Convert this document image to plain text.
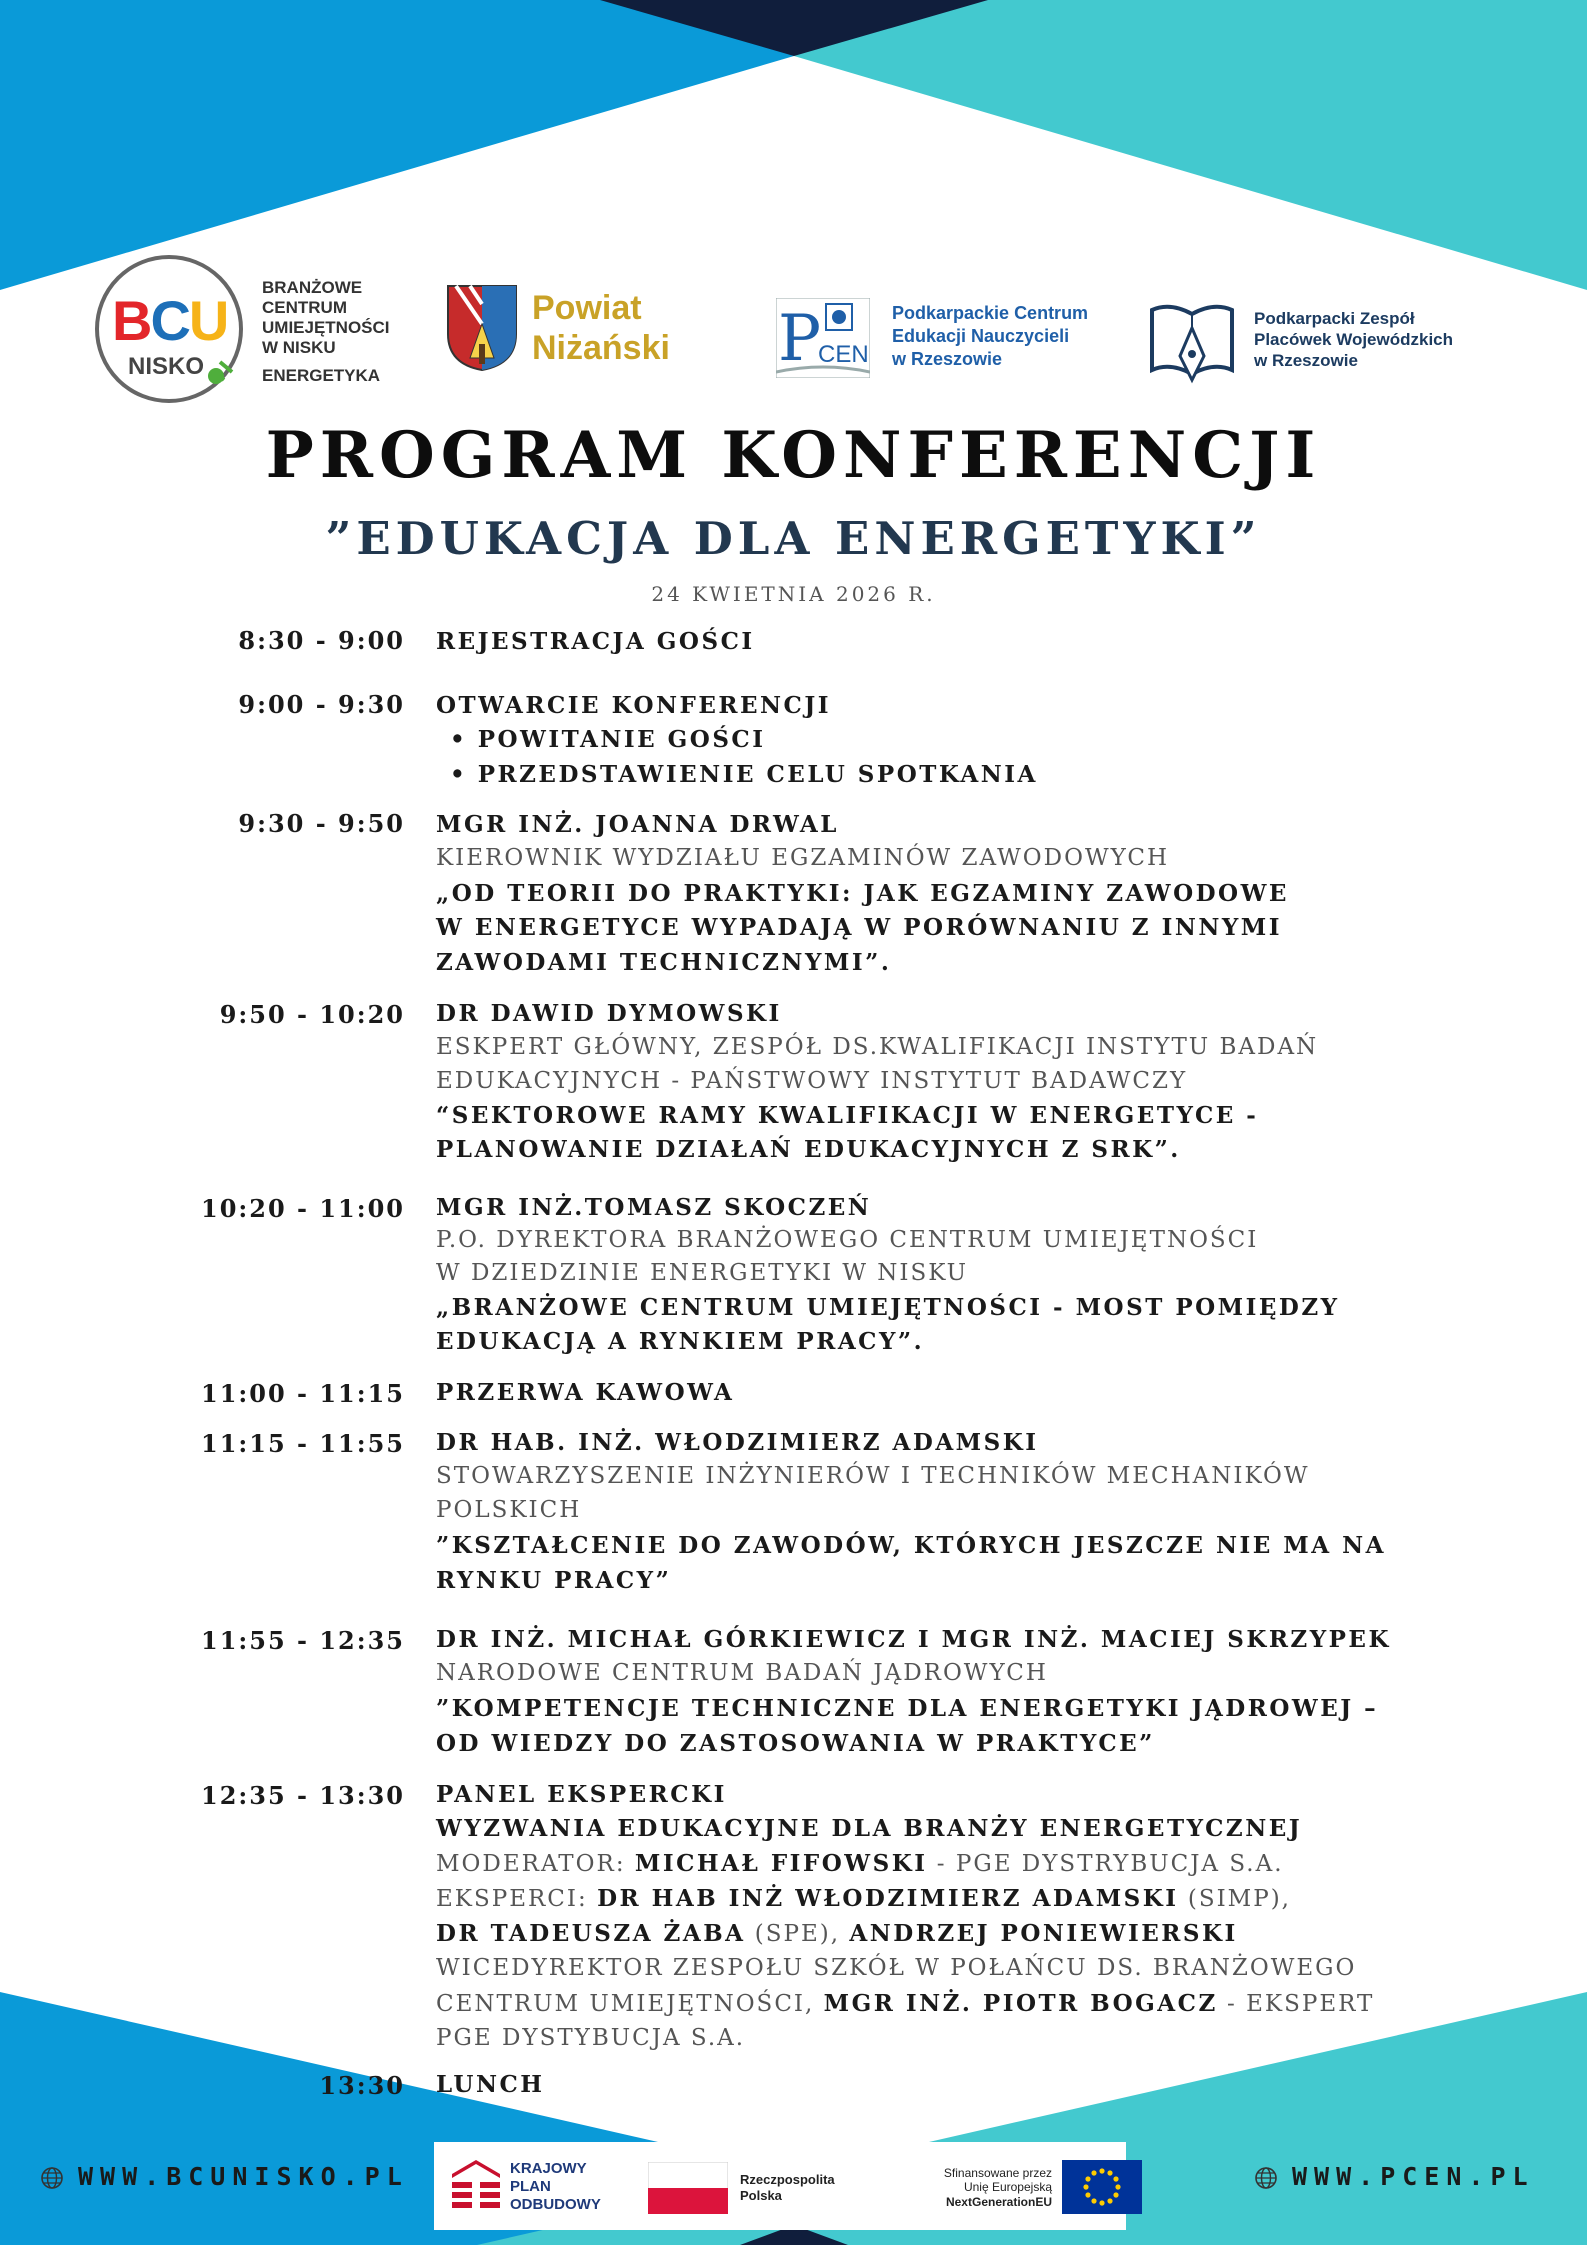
BCU
NISKO
BRANŻOWE
CENTRUM
UMIEJĘTNOŚCI
W NISKU
ENERGETYKA
Powiat
Niżański P
CEN
Podkarpackie Centrum
Edukacji Nauczycieli
w Rzeszowie
Podkarpacki Zespół
Placówek Wojewódzkich
w Rzeszowie
PROGRAM KONFERENCJI
”EDUKACJA DLA ENERGETYKI”
24 KWIETNIA 2026 R.
8:30 - 9:00 REJESTRACJA GOŚCI
9:00 - 9:30 OTWARCIE KONFERENCJI
• POWITANIE GOŚCI
• PRZEDSTAWIENIE CELU SPOTKANIA
9:30 - 9:50 MGR INŻ. JOANNA DRWAL
KIEROWNIK WYDZIAŁU EGZAMINÓW ZAWODOWYCH
„OD TEORII DO PRAKTYKI: JAK EGZAMINY ZAWODOWE
W ENERGETYCE WYPADAJĄ W PORÓWNANIU Z INNYMI
ZAWODAMI TECHNICZNYMI”.
9:50 - 10:20 DR DAWID DYMOWSKI
ESKPERT GŁÓWNY, ZESPÓŁ DS.KWALIFIKACJI INSTYTU BADAŃ
EDUKACYJNYCH - PAŃSTWOWY INSTYTUT BADAWCZY
“SEKTOROWE RAMY KWALIFIKACJI W ENERGETYCE -
PLANOWANIE DZIAŁAŃ EDUKACYJNYCH Z SRK”.
10:20 - 11:00 MGR INŻ.TOMASZ SKOCZEŃ
P.O. DYREKTORA BRANŻOWEGO CENTRUM UMIEJĘTNOŚCI
W DZIEDZINIE ENERGETYKI W NISKU
„BRANŻOWE CENTRUM UMIEJĘTNOŚCI - MOST POMIĘDZY
EDUKACJĄ A RYNKIEM PRACY”.
11:00 - 11:15 PRZERWA KAWOWA
11:15 - 11:55 DR HAB. INŻ. WŁODZIMIERZ ADAMSKI
STOWARZYSZENIE INŻYNIERÓW I TECHNIKÓW MECHANIKÓW
POLSKICH
”KSZTAŁCENIE DO ZAWODÓW, KTÓRYCH JESZCZE NIE MA NA
RYNKU PRACY”
11:55 - 12:35 DR INŻ. MICHAŁ GÓRKIEWICZ I MGR INŻ. MACIEJ SKRZYPEK
NARODOWE CENTRUM BADAŃ JĄDROWYCH
”KOMPETENCJE TECHNICZNE DLA ENERGETYKI JĄDROWEJ –
OD WIEDZY DO ZASTOSOWANIA W PRAKTYCE”
12:35 - 13:30 PANEL EKSPERCKI
WYZWANIA EDUKACYJNE DLA BRANŻY ENERGETYCZNEJ
MODERATOR: MICHAŁ FIFOWSKI - PGE DYSTRYBUCJA S.A.
EKSPERCI: DR HAB INŻ WŁODZIMIERZ ADAMSKI (SIMP),
DR TADEUSZA ŻABA (SPE), ANDRZEJ PONIEWIERSKI
WICEDYREKTOR ZESPOŁU SZKÓŁ W POŁAŃCU DS. BRANŻOWEGO
CENTRUM UMIEJĘTNOŚCI, MGR INŻ. PIOTR BOGACZ - EKSPERT
PGE DYSTYBUCJA S.A.
13:30 LUNCH
WWW.BCUNISKO.PL	WWW.PCEN.PL
KRAJOWY
PLAN
ODBUDOWY
Rzeczpospolita
Polska
Sfinansowane przez
Unię Europejską
NextGenerationEU
